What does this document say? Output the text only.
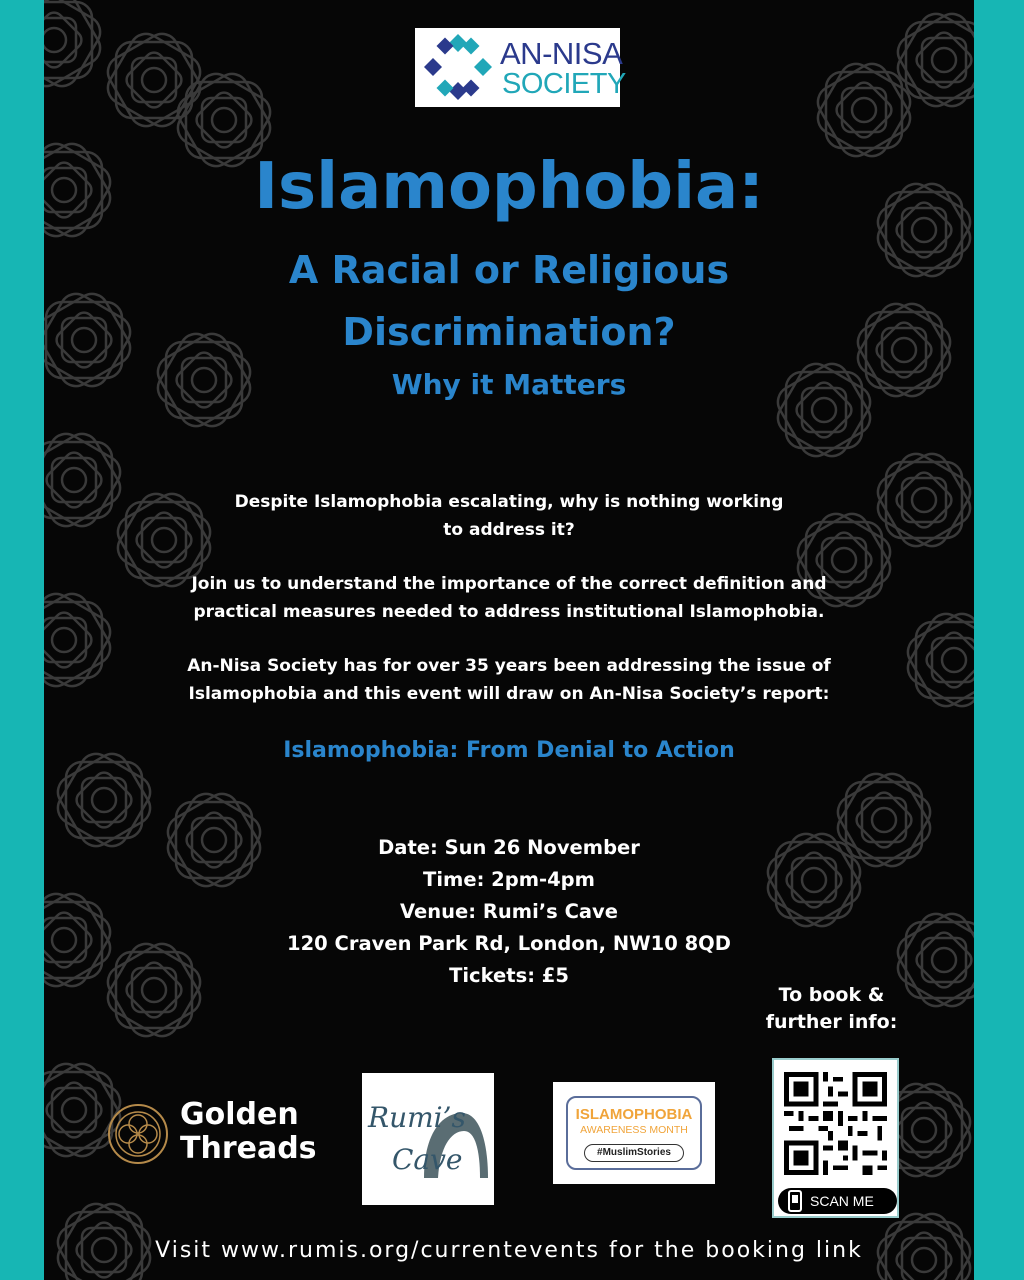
AN-NISA
SOCIETY
Islamophobia:
A Racial or Religious
Discrimination?
Why it Matters
Despite Islamophobia escalating, why is nothing working
to address it?
Join us to understand the importance of the correct definition and
practical measures needed to address institutional Islamophobia.
An-Nisa Society has for over 35 years been addressing the issue of
Islamophobia and this event will draw on An-Nisa Society’s report:
Islamophobia: From Denial to Action
Date: Sun 26 November
Time: 2pm-4pm
Venue: Rumi’s Cave
120 Craven Park Rd, London, NW10 8QD
Tickets: £5
To book &
further info:
Golden
Threads
Rumi’s
Cave
ISLAMOPHOBIA
AWARENESS MONTH
#MuslimStories
SCAN ME
Visit www.rumis.org/currentevents for the booking link
